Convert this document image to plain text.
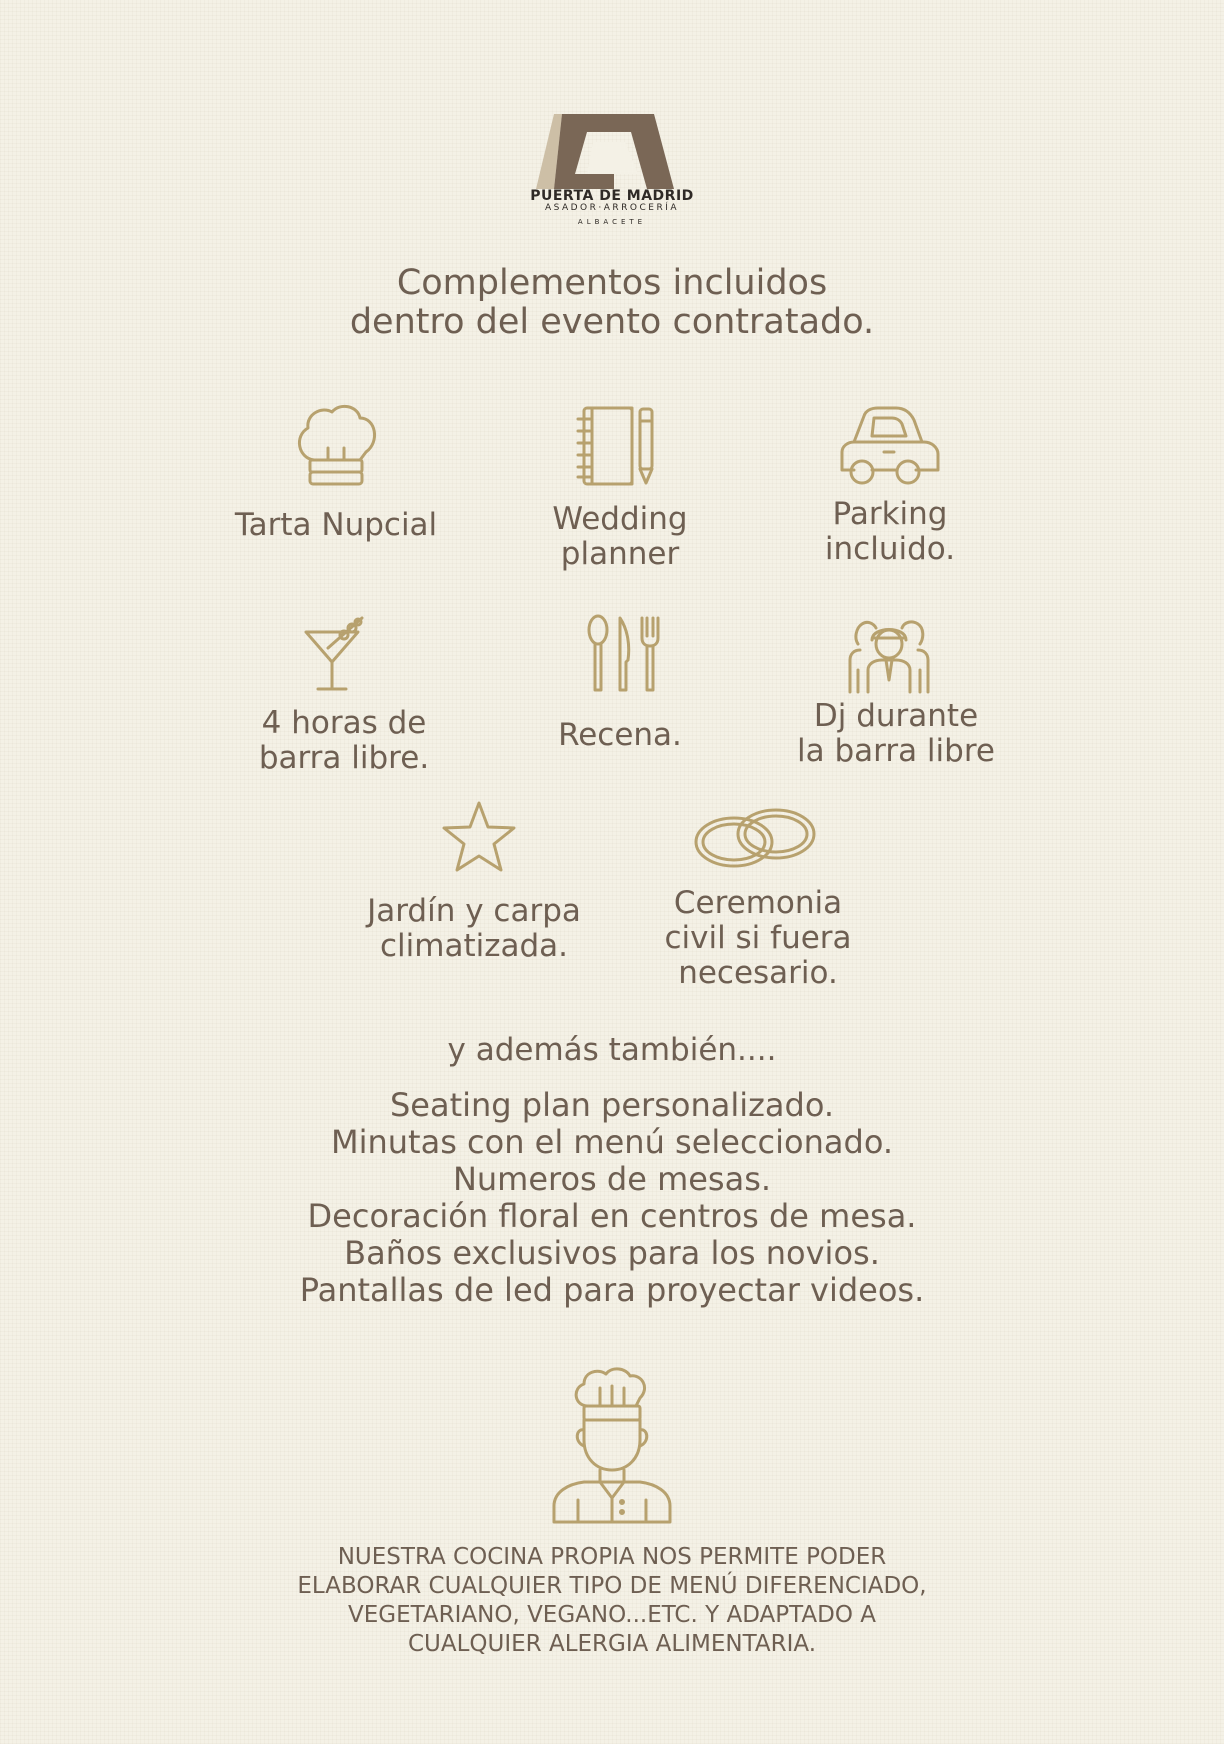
PUERTA DE MADRID
ASADOR·ARROCERÍA
ALBACETE
Complementos incluidos
dentro del evento contratado.
Tarta Nupcial	Wedding
planner
Parking
incluido.
4 horas de
barra libre.
Recena.
Dj durante
la barra libre
Jardín y carpa
climatizada.
Ceremonia
civil si fuera
necesario.
y además también....
Seating plan personalizado.
Minutas con el menú seleccionado.
Numeros de mesas.
Decoración floral en centros de mesa.
Baños exclusivos para los novios.
Pantallas de led para proyectar videos.
NUESTRA COCINA PROPIA NOS PERMITE PODER
ELABORAR CUALQUIER TIPO DE MENÚ DIFERENCIADO,
VEGETARIANO, VEGANO...ETC. Y ADAPTADO A
CUALQUIER ALERGIA ALIMENTARIA.
